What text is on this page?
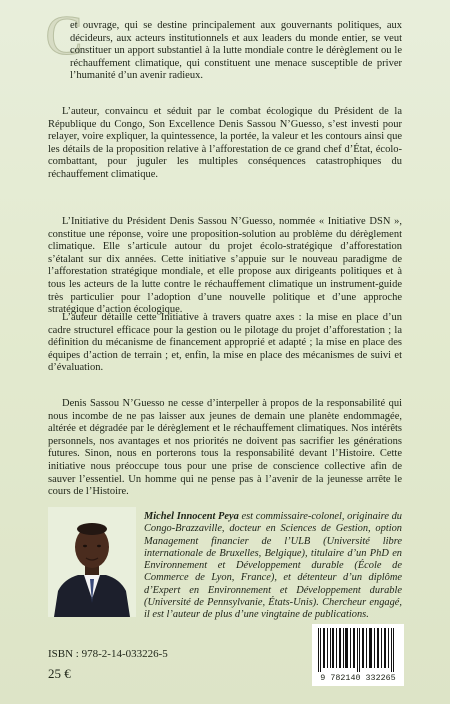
C
et ouvrage, qui se destine principalement aux gouvernants politiques, aux décideurs, aux acteurs institutionnels et aux leaders du monde entier, se veut constituer un apport substantiel à la lutte mondiale contre le dérèglement ou le réchauffement climatique, qui constituent une menace susceptible de priver l’humanité d’un avenir radieux.

L’auteur, convaincu et séduit par le combat écologique du Président de la République du Congo, Son Excellence Denis Sassou N’Guesso, s’est investi pour relayer, voire expliquer, la quintessence, la portée, la valeur et les contours ainsi que les détails de la proposition relative à l’afforestation de ce grand chef d’État, écolo-combattant, pour juguler les multiples conséquences catastrophiques du réchauffement climatique.

L’Initiative du Président Denis Sassou N’Guesso, nommée « Initiative DSN », constitue une réponse, voire une proposition-solution au problème du dérèglement climatique. Elle s’articule autour du projet écolo-stratégique d’afforestation s’étalant sur dix années. Cette initiative s’appuie sur le nouveau paradigme de l’afforestation stratégique mondiale, et elle propose aux dirigeants politiques et à tous les acteurs de la lutte contre le réchauffement climatique un instrument-guide très particulier pour l’adoption d’une nouvelle politique et d’une approche stratégique d’action écologique.

L’auteur détaille cette Initiative à travers quatre axes : la mise en place d’un cadre structurel efficace pour la gestion ou le pilotage du projet d’afforestation ; la définition du mécanisme de financement approprié et adapté ; la mise en place des équipes d’action de terrain ; et, enfin, la mise en place des mécanismes de suivi et d’évaluation.

Denis Sassou N’Guesso ne cesse d’interpeller à propos de la responsabilité qui nous incombe de ne pas laisser aux jeunes de demain une planète endommagée, altérée et dégradée par le dérèglement et le réchauffement climatiques. Nos intérêts personnels, nos avantages et nos priorités ne doivent pas sacrifier les générations futures. Sinon, nous en porterons tous la responsabilité devant l’Histoire. Cette initiative nous préoccupe tous pour une prise de conscience collective afin de sauver l’essentiel. Un homme qui ne pense pas à l’avenir de la jeunesse arrête le cours de l’Histoire.

Michel Innocent Peya est commissaire-colonel, originaire du Congo-Brazzaville, docteur en Sciences de Gestion, option Management financier de l’ULB (Université libre internationale de Bruxelles, Belgique), titulaire d’un PhD en Environnement et Développement durable (École de Commerce de Lyon, France), et détenteur d’un diplôme d’Expert en Environnement et Développement durable (Université de Pennsylvanie, États-Unis). Chercheur engagé, il est l’auteur de plus d’une vingtaine de publications.
ISBN : 978-2-14-033226-5
25 €	9 782140 332265
